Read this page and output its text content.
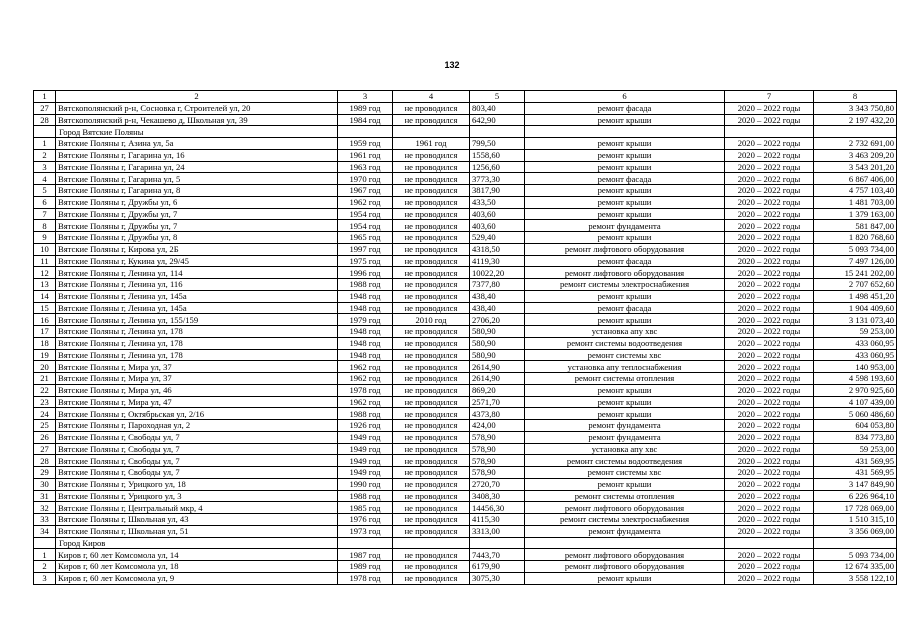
132
1	2	3	4	5	6	7	8
27	Вятскополянский р-н, Сосновка г, Строителей ул, 20	1989 год	не проводился	803,40	ремонт фасада	2020 – 2022 годы	3 343 750,80
28	Вятскополянский р-н, Чекашево д, Школьная ул, 39	1984 год	не проводился	642,90	ремонт крыши	2020 – 2022 годы	2 197 432,20
	Город Вятские Поляны						
1	Вятские Поляны г, Азина ул, 5а	1959 год	1961 год	799,50	ремонт крыши	2020 – 2022 годы	2 732 691,00
2	Вятские Поляны г, Гагарина ул, 16	1961 год	не проводился	1558,60	ремонт крыши	2020 – 2022 годы	3 463 209,20
3	Вятские Поляны г, Гагарина ул, 24	1963 год	не проводился	1256,60	ремонт крыши	2020 – 2022 годы	3 543 201,20
4	Вятские Поляны г, Гагарина ул, 5	1970 год	не проводился	3773,30	ремонт фасада	2020 – 2022 годы	6 867 406,00
5	Вятские Поляны г, Гагарина ул, 8	1967 год	не проводился	3817,90	ремонт крыши	2020 – 2022 годы	4 757 103,40
6	Вятские Поляны г, Дружбы ул, 6	1962 год	не проводился	433,50	ремонт крыши	2020 – 2022 годы	1 481 703,00
7	Вятские Поляны г, Дружбы ул, 7	1954 год	не проводился	403,60	ремонт крыши	2020 – 2022 годы	1 379 163,00
8	Вятские Поляны г, Дружбы ул, 7	1954 год	не проводился	403,60	ремонт фундамента	2020 – 2022 годы	581 847,00
9	Вятские Поляны г, Дружбы ул, 8	1965 год	не проводился	529,40	ремонт крыши	2020 – 2022 годы	1 820 768,60
10	Вятские Поляны г, Кирова ул, 2Б	1997 год	не проводился	4318,50	ремонт лифтового оборудования	2020 – 2022 годы	5 093 734,00
11	Вятские Поляны г, Кукина ул, 29/45	1975 год	не проводился	4119,30	ремонт фасада	2020 – 2022 годы	7 497 126,00
12	Вятские Поляны г, Ленина ул, 114	1996 год	не проводился	10022,20	ремонт лифтового оборудования	2020 – 2022 годы	15 241 202,00
13	Вятские Поляны г, Ленина ул, 116	1988 год	не проводился	7377,80	ремонт системы электроснабжения	2020 – 2022 годы	2 707 652,60
14	Вятские Поляны г, Ленина ул, 145а	1948 год	не проводился	438,40	ремонт крыши	2020 – 2022 годы	1 498 451,20
15	Вятские Поляны г, Ленина ул, 145а	1948 год	не проводился	438,40	ремонт фасада	2020 – 2022 годы	1 904 409,60
16	Вятские Поляны г, Ленина ул, 155/159	1979 год	2010 год	2706,20	ремонт крыши	2020 – 2022 годы	3 131 073,40
17	Вятские Поляны г, Ленина ул, 178	1948 год	не проводился	580,90	установка апу хвс	2020 – 2022 годы	59 253,00
18	Вятские Поляны г, Ленина ул, 178	1948 год	не проводился	580,90	ремонт системы водоотведения	2020 – 2022 годы	433 060,95
19	Вятские Поляны г, Ленина ул, 178	1948 год	не проводился	580,90	ремонт системы хвс	2020 – 2022 годы	433 060,95
20	Вятские Поляны г, Мира ул, 37	1962 год	не проводился	2614,90	установка апу теплоснабжения	2020 – 2022 годы	140 953,00
21	Вятские Поляны г, Мира ул, 37	1962 год	не проводился	2614,90	ремонт системы отопления	2020 – 2022 годы	4 598 193,60
22	Вятские Поляны г, Мира ул, 46	1978 год	не проводился	869,20	ремонт крыши	2020 – 2022 годы	2 970 925,60
23	Вятские Поляны г, Мира ул, 47	1962 год	не проводился	2571,70	ремонт крыши	2020 – 2022 годы	4 107 439,00
24	Вятские Поляны г, Октябрьская ул, 2/16	1988 год	не проводился	4373,80	ремонт крыши	2020 – 2022 годы	5 060 486,60
25	Вятские Поляны г, Пароходная ул, 2	1926 год	не проводился	424,00	ремонт фундамента	2020 – 2022 годы	604 053,80
26	Вятские Поляны г, Свободы ул, 7	1949 год	не проводился	578,90	ремонт фундамента	2020 – 2022 годы	834 773,80
27	Вятские Поляны г, Свободы ул, 7	1949 год	не проводился	578,90	установка апу хвс	2020 – 2022 годы	59 253,00
28	Вятские Поляны г, Свободы ул, 7	1949 год	не проводился	578,90	ремонт системы водоотведения	2020 – 2022 годы	431 569,95
29	Вятские Поляны г, Свободы ул, 7	1949 год	не проводился	578,90	ремонт системы хвс	2020 – 2022 годы	431 569,95
30	Вятские Поляны г, Урицкого ул, 18	1990 год	не проводился	2720,70	ремонт крыши	2020 – 2022 годы	3 147 849,90
31	Вятские Поляны г, Урицкого ул, 3	1988 год	не проводился	3408,30	ремонт системы отопления	2020 – 2022 годы	6 226 964,10
32	Вятские Поляны г, Центральный мкр, 4	1985 год	не проводился	14456,30	ремонт лифтового оборудования	2020 – 2022 годы	17 728 069,00
33	Вятские Поляны г, Школьная ул, 43	1976 год	не проводился	4115,30	ремонт системы электроснабжения	2020 – 2022 годы	1 510 315,10
34	Вятские Поляны г, Школьная ул, 51	1973 год	не проводился	3313,00	ремонт фундамента	2020 – 2022 годы	3 356 069,00
	Город Киров						
1	Киров г, 60 лет Комсомола ул, 14	1987 год	не проводился	7443,70	ремонт лифтового оборудования	2020 – 2022 годы	5 093 734,00
2	Киров г, 60 лет Комсомола ул, 18	1989 год	не проводился	6179,90	ремонт лифтового оборудования	2020 – 2022 годы	12 674 335,00
3	Киров г, 60 лет Комсомола ул, 9	1978 год	не проводился	3075,30	ремонт крыши	2020 – 2022 годы	3 558 122,10
